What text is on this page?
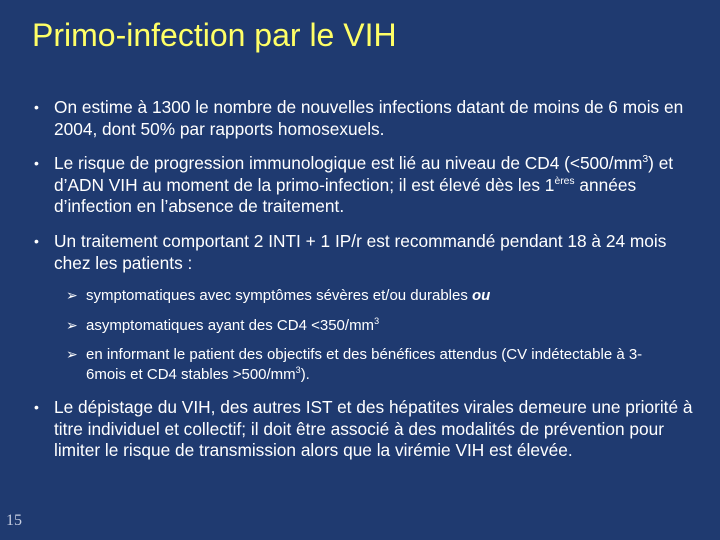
Primo-infection par le VIH
• On estime à 1300 le nombre de nouvelles infections datant de moins de 6 mois en 2004, dont 50% par rapports homosexuels.
• Le risque de progression immunologique est lié au niveau de CD4 $(<500/mm^3)$ et d’ADN VIH au moment de la primo-infection; il est élevé dès les 1ères années d’infection en l’absence de traitement.
• Un traitement comportant 2 INTI + 1 IP/r est recommandé pendant 18 à 24 mois chez les patients :
➢ symptomatiques avec symptômes sévères et/ou durables ou
➢ asymptomatiques ayant des $CD4 <350/mm^3$
➢ en informant le patient des objectifs et des bénéfices attendus (CV indétectable à 3-6mois et CD4 stables $>500/mm^3$).
• Le dépistage du VIH, des autres IST et des hépatites virales demeure une priorité à titre individuel et collectif; il doit être associé à des modalités de prévention pour limiter le risque de transmission alors que la virémie VIH est élevée.
15
